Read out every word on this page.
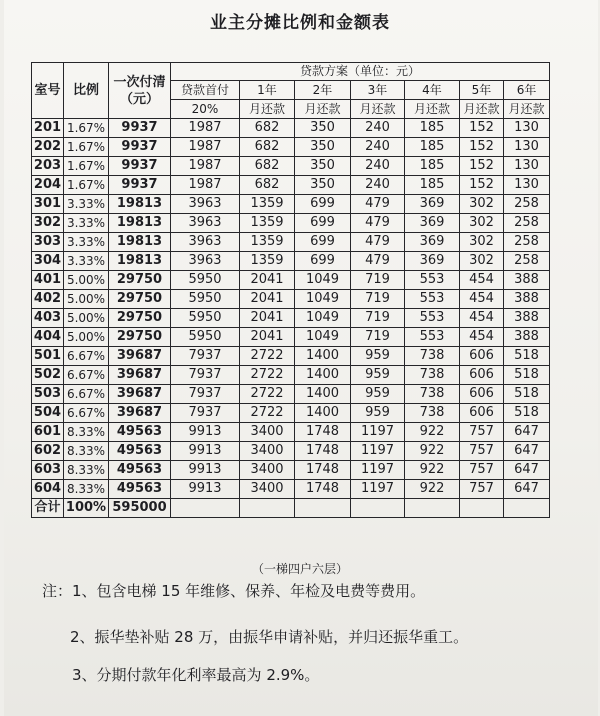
业主分摊比例和金额表
室号	比例	一次付清（元）	贷款方案（单位：元）						
			贷款首付	1年	2年	3年	4年	5年	6年
			20%	月还款	月还款	月还款	月还款	月还款	月还款
201	1.67%	9937	1987	682	350	240	185	152	130
202	1.67%	9937	1987	682	350	240	185	152	130
203	1.67%	9937	1987	682	350	240	185	152	130
204	1.67%	9937	1987	682	350	240	185	152	130
301	3.33%	19813	3963	1359	699	479	369	302	258
302	3.33%	19813	3963	1359	699	479	369	302	258
303	3.33%	19813	3963	1359	699	479	369	302	258
304	3.33%	19813	3963	1359	699	479	369	302	258
401	5.00%	29750	5950	2041	1049	719	553	454	388
402	5.00%	29750	5950	2041	1049	719	553	454	388
403	5.00%	29750	5950	2041	1049	719	553	454	388
404	5.00%	29750	5950	2041	1049	719	553	454	388
501	6.67%	39687	7937	2722	1400	959	738	606	518
502	6.67%	39687	7937	2722	1400	959	738	606	518
503	6.67%	39687	7937	2722	1400	959	738	606	518
504	6.67%	39687	7937	2722	1400	959	738	606	518
601	8.33%	49563	9913	3400	1748	1197	922	757	647
602	8.33%	49563	9913	3400	1748	1197	922	757	647
603	8.33%	49563	9913	3400	1748	1197	922	757	647
604	8.33%	49563	9913	3400	1748	1197	922	757	647
合计	100%	595000							
（一梯四户六层）
注：1、包含电梯 15 年维修、保养、年检及电费等费用。
2、振华垫补贴 28 万，由振华申请补贴，并归还振华重工。
3、分期付款年化利率最高为 2.9%。
